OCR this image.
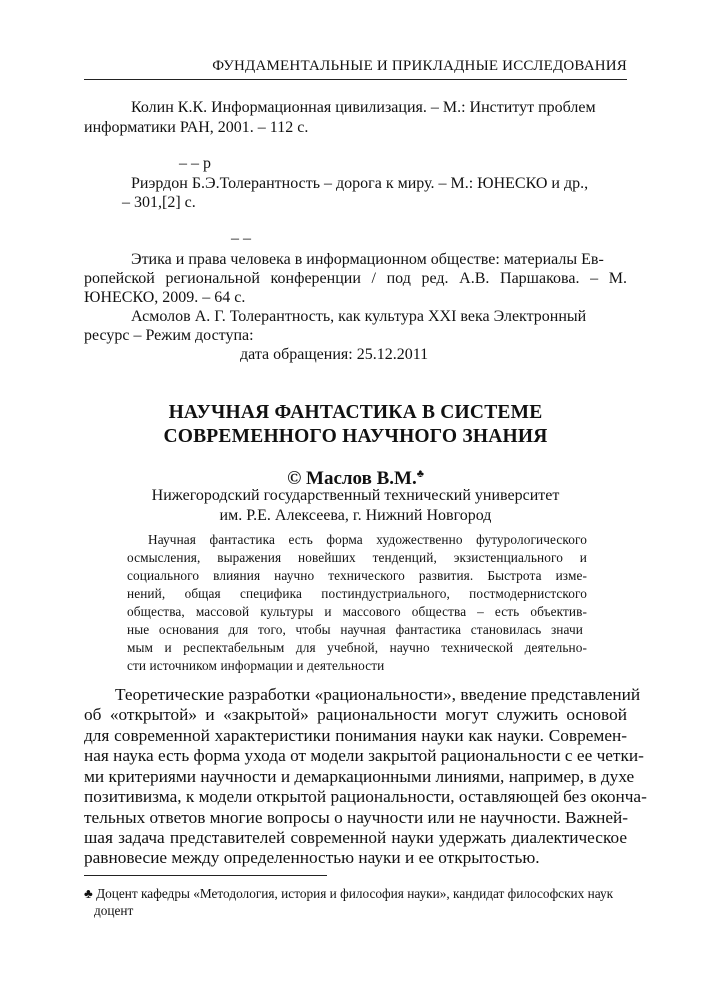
ФУНДАМЕНТАЛЬНЫЕ И ПРИКЛАДНЫЕ ИССЛЕДОВАНИЯ
Колин К.К. Информационная цивилизация. – М.: Институт проблем
информатики РАН, 2001. – 112 с.
– – р
Риэрдон Б.Э.Толерантность – дорога к миру. – М.: ЮНЕСКО и др.,
– 301,[2] с.
– –
Этика и права человека в информационном обществе: материалы Ев-
ропейской региональной конференции / под ред. А.В. Паршакова. – М.
ЮНЕСКО, 2009. – 64 с.
Асмолов А. Г. Толерантность, как культура XXI века Электронный
ресурс – Режим доступа:
дата обращения: 25.12.2011
НАУЧНАЯ ФАНТАСТИКА В СИСТЕМЕ
СОВРЕМЕННОГО НАУЧНОГО ЗНАНИЯ
© Маслов В.М.♣
Нижегородский государственный технический университет
им. Р.Е. Алексеева, г. Нижний Новгород
Научная фантастика есть форма художественно футурологического
осмысления, выражения новейших тенденций, экзистенциального и
социального влияния научно технического развития. Быстрота изме-
нений, общая специфика постиндустриального, постмодернистского
общества, массовой культуры и массового общества – есть объектив-
ные основания для того, чтобы научная фантастика становилась значи
мым и респектабельным для учебной, научно технической деятельно-
сти источником информации и деятельности
Теоретические разработки «рациональности», введение представлений
об «открытой» и «закрытой» рациональности могут служить основой
для современной характеристики понимания науки как науки. Современ-
ная наука есть форма ухода от модели закрытой рациональности с ее четки-
ми критериями научности и демаркационными линиями, например, в духе
позитивизма, к модели открытой рациональности, оставляющей без оконча-
тельных ответов многие вопросы о научности или не научности. Важней-
шая задача представителей современной науки удержать диалектическое
равновесие между определенностью науки и ее открытостью.
♣ Доцент кафедры «Методология, история и философия науки», кандидат философских наук
доцент
